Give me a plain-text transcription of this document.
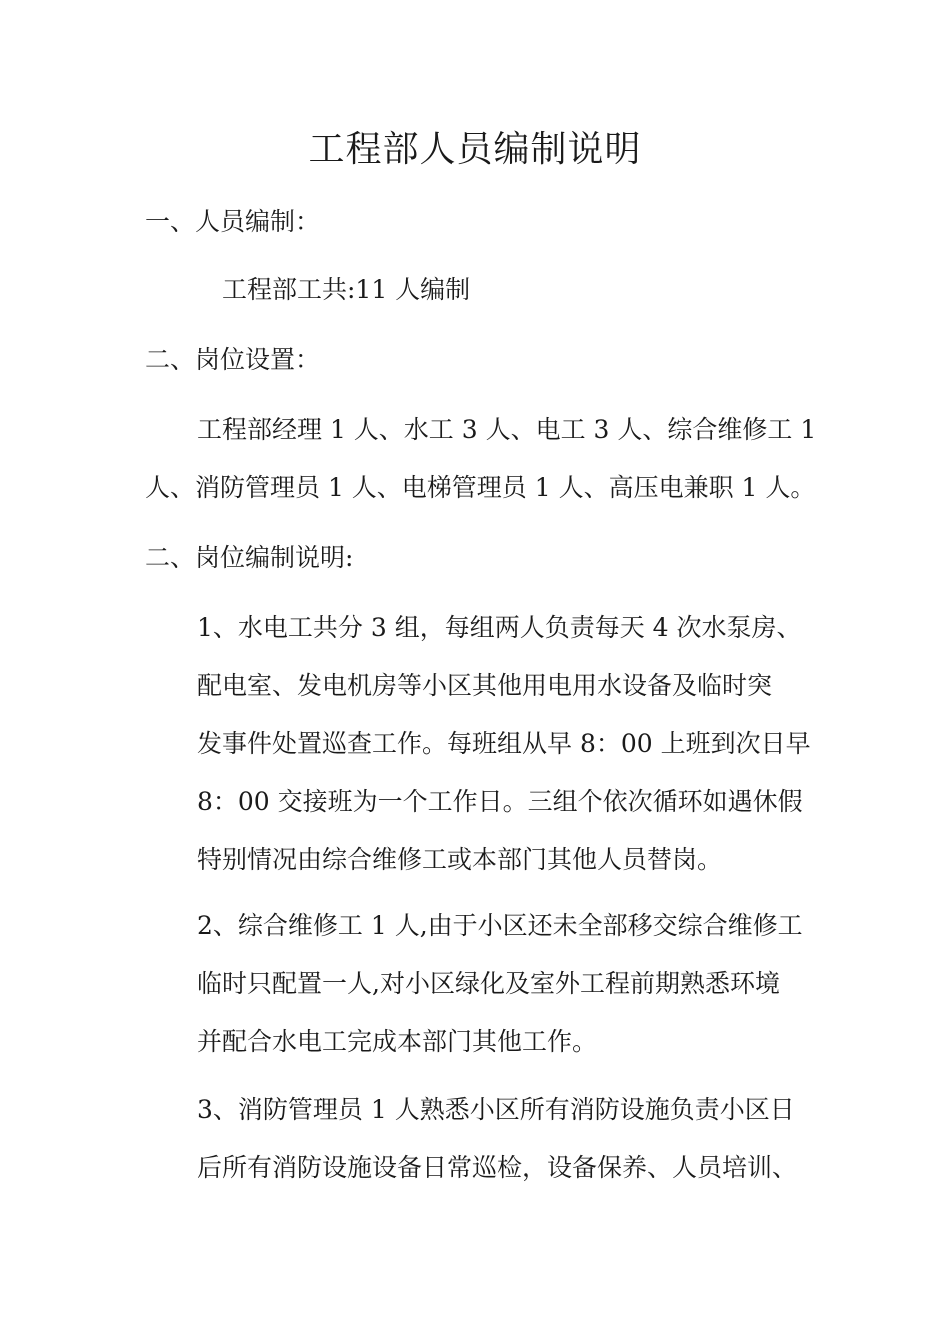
工程部人员编制说明
一、人员编制：
工程部工共:11 人编制
二、岗位设置：
工程部经理 1 人、水工 3 人、电工 3 人、综合维修工 1
人、消防管理员 1 人、电梯管理员 1 人、高压电兼职 1 人。
二、岗位编制说明:
1、水电工共分 3 组，每组两人负责每天 4 次水泵房、
配电室、发电机房等小区其他用电用水设备及临时突
发事件处置巡查工作。每班组从早 8：00 上班到次日早
8：00 交接班为一个工作日。三组个依次循环如遇休假
特别情况由综合维修工或本部门其他人员替岗。
2、综合维修工 1 人,由于小区还未全部移交综合维修工
临时只配置一人,对小区绿化及室外工程前期熟悉环境
并配合水电工完成本部门其他工作。
3、消防管理员 1 人熟悉小区所有消防设施负责小区日
后所有消防设施设备日常巡检，设备保养、人员培训、
